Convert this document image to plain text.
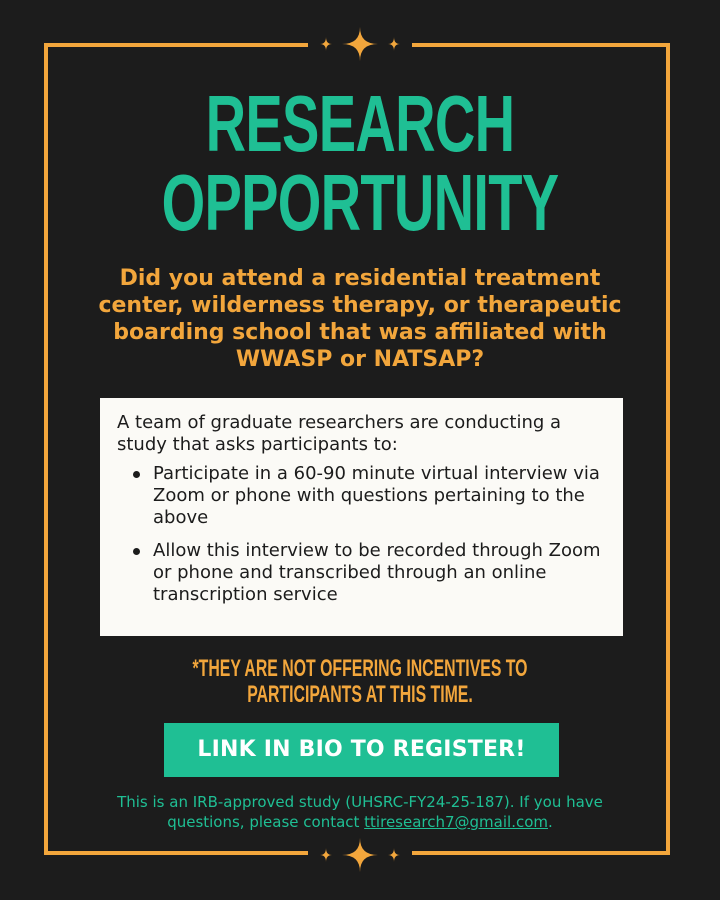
RESEARCH
OPPORTUNITY
Did you attend a residential treatment center, wilderness therapy, or therapeutic boarding school that was affiliated with WWASP or NATSAP?

A team of graduate researchers are conducting a study that asks participants to:

Participate in a 60-90 minute virtual interview via Zoom or phone with questions pertaining to the above
Allow this interview to be recorded through Zoom or phone and transcribed through an online transcription service
*THEY ARE NOT OFFERING INCENTIVES TO
PARTICIPANTS AT THIS TIME.
LINK IN BIO TO REGISTER!
This is an IRB-approved study (UHSRC-FY24-25-187). If you have questions, please contact ttiresearch7@gmail.com.
